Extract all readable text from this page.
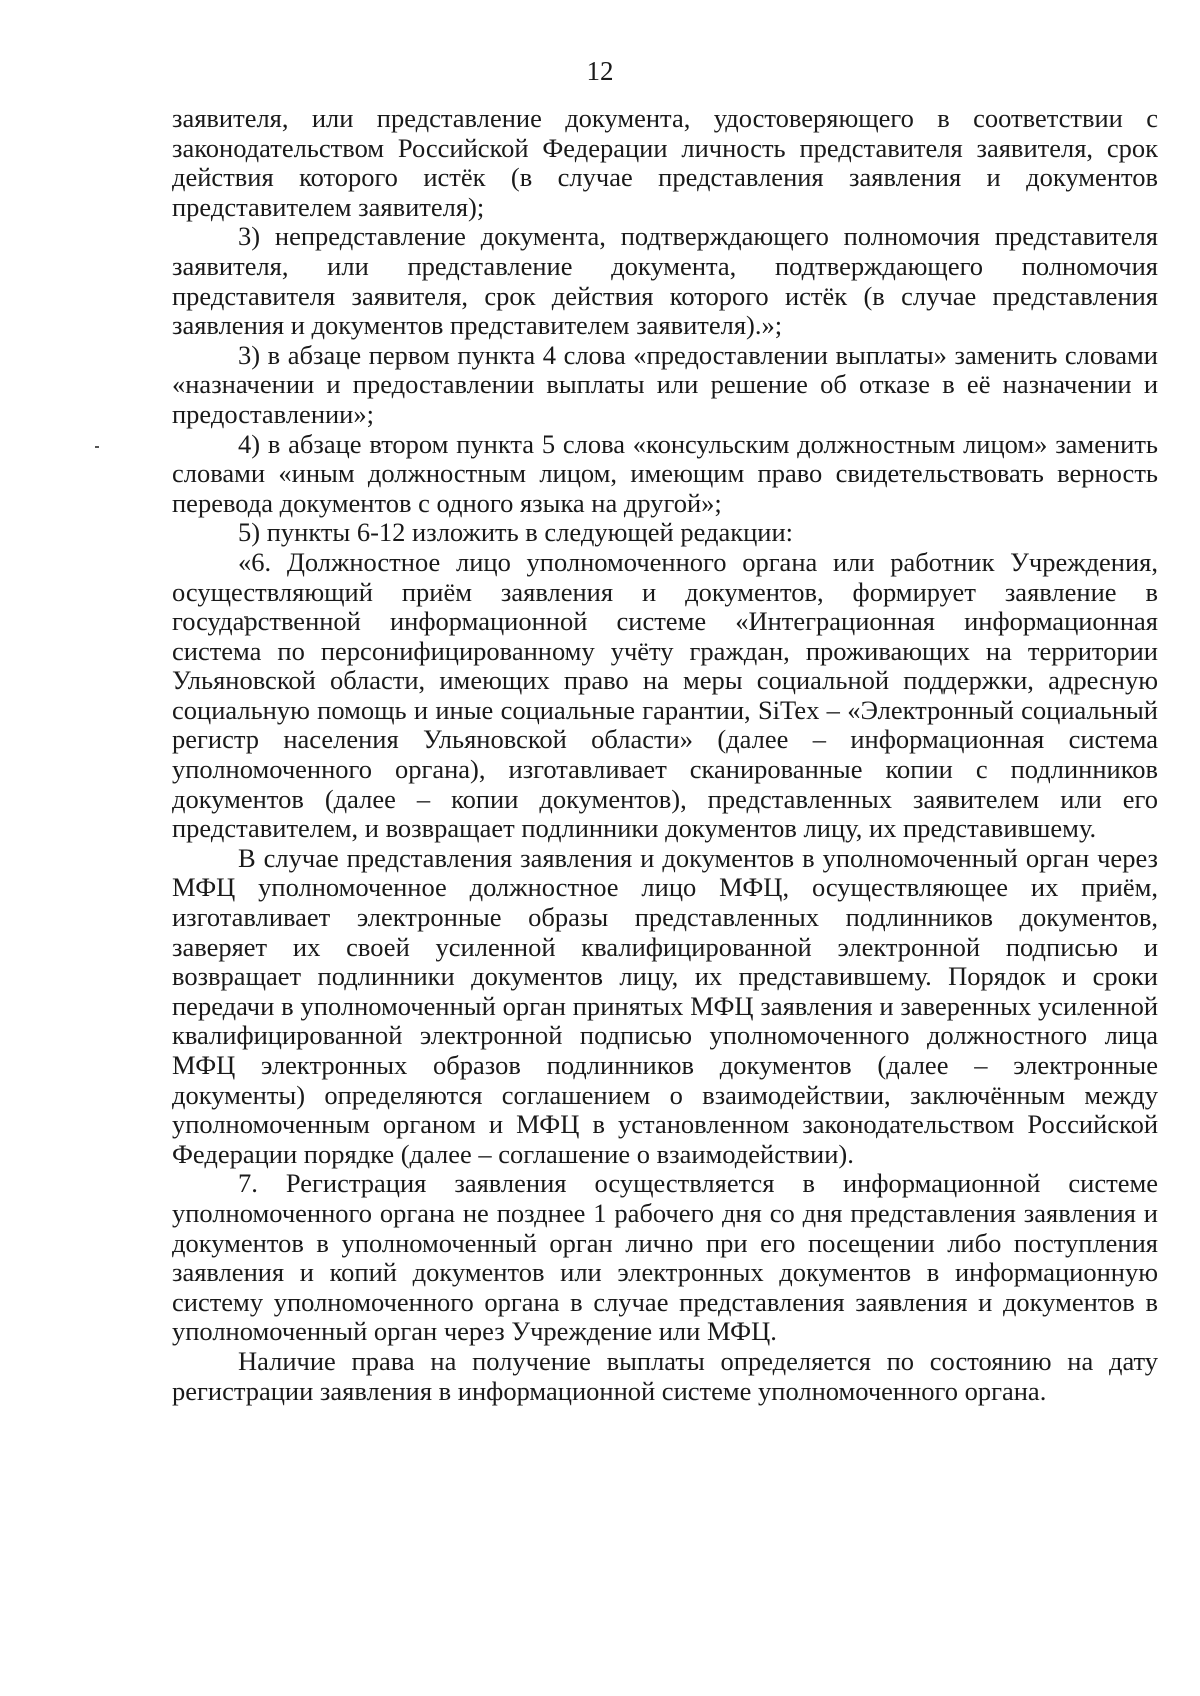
12

заявителя, или представление документа, удостоверяющего в соответствии с законодательством Российской Федерации личность представителя заявителя, срок действия которого истёк (в случае представления заявления и документов представителем заявителя);

3) непредставление документа, подтверждающего полномочия представителя заявителя, или представление документа, подтверждающего полномочия представителя заявителя, срок действия которого истёк (в случае представления заявления и документов представителем заявителя).»;

3) в абзаце первом пункта 4 слова «предоставлении выплаты» заменить словами «назначении и предоставлении выплаты или решение об отказе в её назначении и предоставлении»;

4) в абзаце втором пункта 5 слова «консульским должностным лицом» заменить словами «иным должностным лицом, имеющим право свидетельствовать верность перевода документов с одного языка на другой»;

5) пункты 6-12 изложить в следующей редакции:

«6. Должностное лицо уполномоченного органа или работник Учреждения, осуществляющий приём заявления и документов, формирует заявление в государственной информационной системе «Интеграционная информационная система по персонифицированному учёту граждан, проживающих на территории Ульяновской области, имеющих право на меры социальной поддержки, адресную социальную помощь и иные социальные гарантии, SiTex – «Электронный социальный регистр населения Ульяновской области» (далее – информационная система уполномоченного органа), изготавливает сканированные копии с подлинников документов (далее – копии документов), представленных заявителем или его представителем, и возвращает подлинники документов лицу, их представившему.

В случае представления заявления и документов в уполномоченный орган через МФЦ уполномоченное должностное лицо МФЦ, осуществляющее их приём, изготавливает электронные образы представленных подлинников документов, заверяет их своей усиленной квалифицированной электронной подписью и возвращает подлинники документов лицу, их представившему. Порядок и сроки передачи в уполномоченный орган принятых МФЦ заявления и заверенных усиленной квалифицированной электронной подписью уполномоченного должностного лица МФЦ электронных образов подлинников документов (далее – электронные документы) определяются соглашением о взаимодействии, заключённым между уполномоченным органом и МФЦ в установленном законодательством Российской Федерации порядке (далее – соглашение о взаимодействии).

7. Регистрация заявления осуществляется в информационной системе уполномоченного органа не позднее 1 рабочего дня со дня представления заявления и документов в уполномоченный орган лично при его посещении либо поступления заявления и копий документов или электронных документов в информационную систему уполномоченного органа в случае представления заявления и документов в уполномоченный орган через Учреждение или МФЦ.

Наличие права на получение выплаты определяется по состоянию на дату регистрации заявления в информационной системе уполномоченного органа.
